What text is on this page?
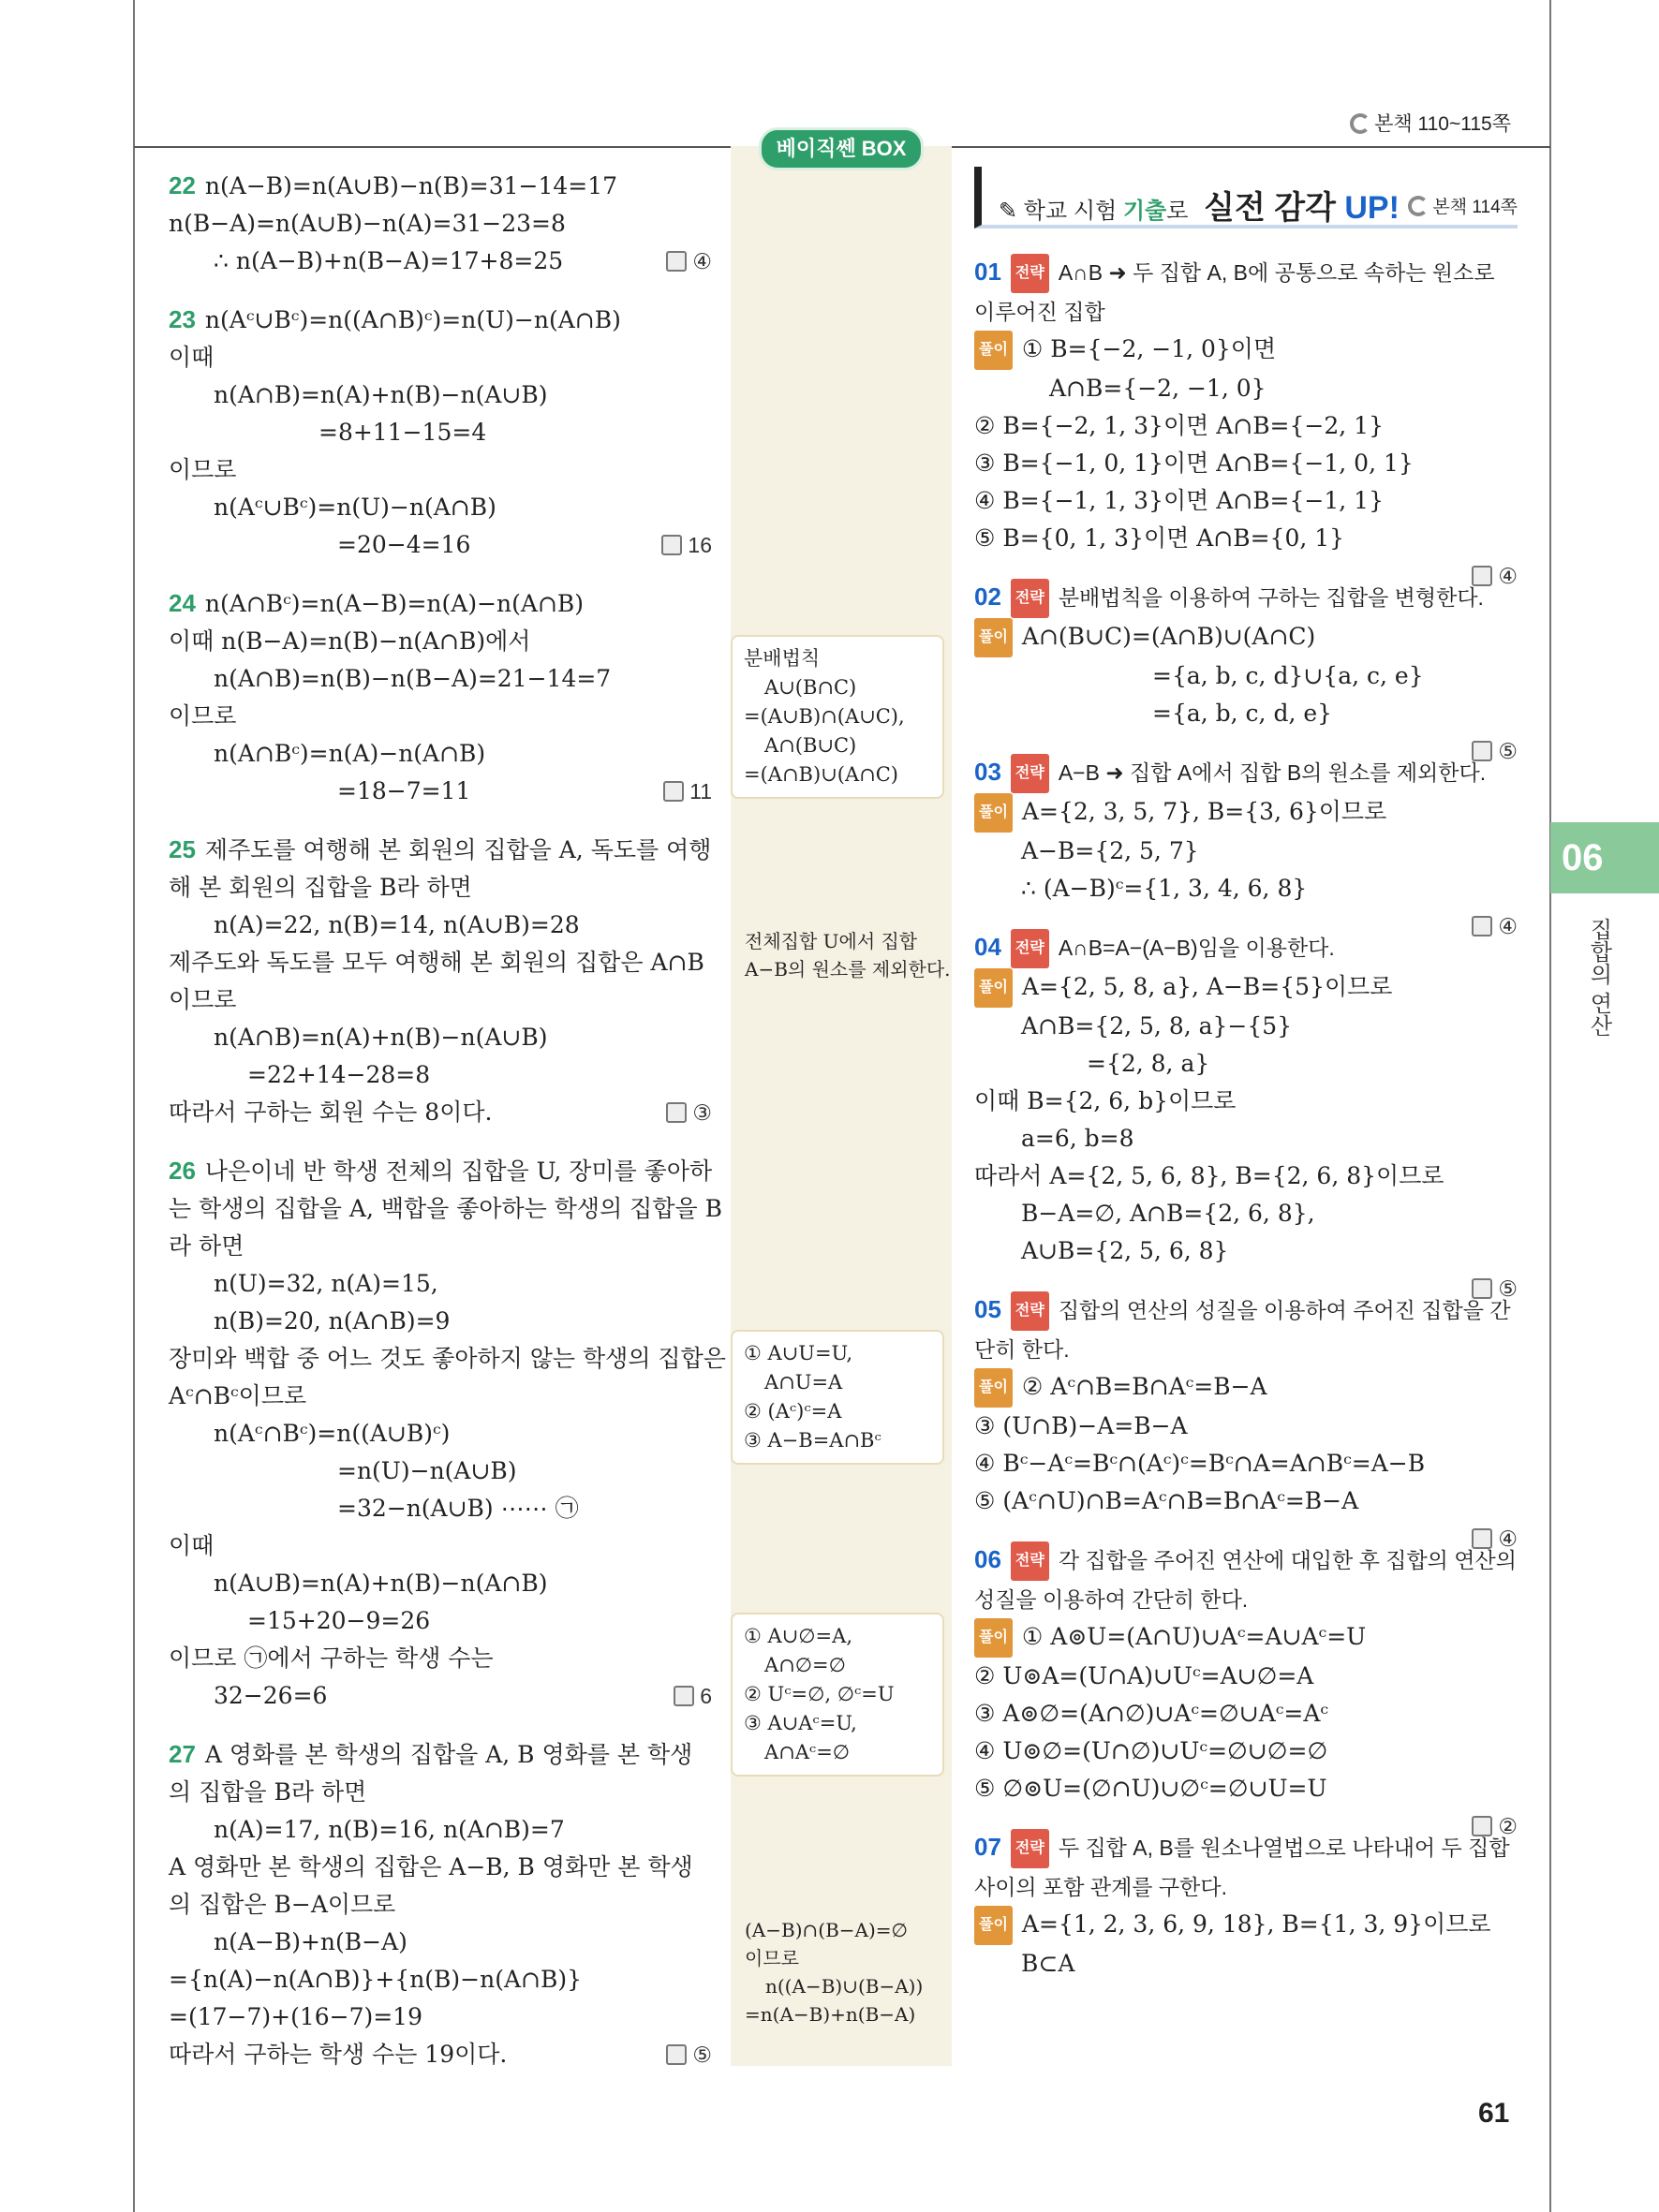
본책 110~115쪽
베이직쎈 BOX
22 n(A−B)=n(A∪B)−n(B)=31−14=17
n(B−A)=n(A∪B)−n(A)=31−23=8
∴ n(A−B)+n(B−A)=17+8=25	④
23 n(Aᶜ∪Bᶜ)=n((A∩B)ᶜ)=n(U)−n(A∩B)
이때
n(A∩B)=n(A)+n(B)−n(A∪B)
=8+11−15=4
이므로
n(Aᶜ∪Bᶜ)=n(U)−n(A∩B)
=20−4=16	16
24 n(A∩Bᶜ)=n(A−B)=n(A)−n(A∩B)
이때 n(B−A)=n(B)−n(A∩B)에서
n(A∩B)=n(B)−n(B−A)=21−14=7
이므로
n(A∩Bᶜ)=n(A)−n(A∩B)
=18−7=11	11
25 제주도를 여행해 본 회원의 집합을 A, 독도를 여행
해 본 회원의 집합을 B라 하면
n(A)=22, n(B)=14, n(A∪B)=28
제주도와 독도를 모두 여행해 본 회원의 집합은 A∩B
이므로
n(A∩B)=n(A)+n(B)−n(A∪B)
=22+14−28=8
따라서 구하는 회원 수는 8이다.	③
26 나은이네 반 학생 전체의 집합을 U, 장미를 좋아하
는 학생의 집합을 A, 백합을 좋아하는 학생의 집합을 B
라 하면
n(U)=32, n(A)=15,
n(B)=20, n(A∩B)=9
장미와 백합 중 어느 것도 좋아하지 않는 학생의 집합은
Aᶜ∩Bᶜ이므로
n(Aᶜ∩Bᶜ)=n((A∪B)ᶜ)
=n(U)−n(A∪B)
=32−n(A∪B) ⋯⋯ ㉠
이때
n(A∪B)=n(A)+n(B)−n(A∩B)
=15+20−9=26
이므로 ㉠에서 구하는 학생 수는
32−26=6	6
27 A 영화를 본 학생의 집합을 A, B 영화를 본 학생
의 집합을 B라 하면
n(A)=17, n(B)=16, n(A∩B)=7
A 영화만 본 학생의 집합은 A−B, B 영화만 본 학생
의 집합은 B−A이므로
n(A−B)+n(B−A)
={n(A)−n(A∩B)}+{n(B)−n(A∩B)}
=(17−7)+(16−7)=19
따라서 구하는 학생 수는 19이다.	⑤
분배법칙
A∪(B∩C)
=(A∪B)∩(A∪C),
A∩(B∪C)
=(A∩B)∪(A∩C)
전체집합 U에서 집합
A−B의 원소를 제외한다.
① A∪U=U,
A∩U=A
② (Aᶜ)ᶜ=A
③ A−B=A∩Bᶜ
① A∪∅=A,
A∩∅=∅
② Uᶜ=∅, ∅ᶜ=U
③ A∪Aᶜ=U,
A∩Aᶜ=∅
(A−B)∩(B−A)=∅
이므로
n((A−B)∪(B−A))
=n(A−B)+n(B−A)
✎ 학교 시험 기출로 실전 감각 UP!	본책 114쪽
01 전략 A∩B ➜ 두 집합 A, B에 공통으로 속하는 원소로
이루어진 집합
풀이 ① B={−2, −1, 0}이면
A∩B={−2, −1, 0}
② B={−2, 1, 3}이면 A∩B={−2, 1}
③ B={−1, 0, 1}이면 A∩B={−1, 0, 1}
④ B={−1, 1, 3}이면 A∩B={−1, 1}
⑤ B={0, 1, 3}이면 A∩B={0, 1}
④
02 전략 분배법칙을 이용하여 구하는 집합을 변형한다.
풀이 A∩(B∪C)=(A∩B)∪(A∩C)
={a, b, c, d}∪{a, c, e}
={a, b, c, d, e}
⑤
03 전략 A−B ➜ 집합 A에서 집합 B의 원소를 제외한다.
풀이 A={2, 3, 5, 7}, B={3, 6}이므로
A−B={2, 5, 7}
∴ (A−B)ᶜ={1, 3, 4, 6, 8}
④
04 전략 A∩B=A−(A−B)임을 이용한다.
풀이 A={2, 5, 8, a}, A−B={5}이므로
A∩B={2, 5, 8, a}−{5}
={2, 8, a}
이때 B={2, 6, b}이므로
a=6, b=8
따라서 A={2, 5, 6, 8}, B={2, 6, 8}이므로
B−A=∅, A∩B={2, 6, 8},
A∪B={2, 5, 6, 8}
⑤
05 전략 집합의 연산의 성질을 이용하여 주어진 집합을 간
단히 한다.
풀이 ② Aᶜ∩B=B∩Aᶜ=B−A
③ (U∩B)−A=B−A
④ Bᶜ−Aᶜ=Bᶜ∩(Aᶜ)ᶜ=Bᶜ∩A=A∩Bᶜ=A−B
⑤ (Aᶜ∩U)∩B=Aᶜ∩B=B∩Aᶜ=B−A
④
06 전략 각 집합을 주어진 연산에 대입한 후 집합의 연산의
성질을 이용하여 간단히 한다.
풀이 ① A⊚U=(A∩U)∪Aᶜ=A∪Aᶜ=U
② U⊚A=(U∩A)∪Uᶜ=A∪∅=A
③ A⊚∅=(A∩∅)∪Aᶜ=∅∪Aᶜ=Aᶜ
④ U⊚∅=(U∩∅)∪Uᶜ=∅∪∅=∅
⑤ ∅⊚U=(∅∩U)∪∅ᶜ=∅∪U=U
②
07 전략 두 집합 A, B를 원소나열법으로 나타내어 두 집합
사이의 포함 관계를 구한다.
풀이 A={1, 2, 3, 6, 9, 18}, B={1, 3, 9}이므로
B⊂A
06
집합의 연산
61
